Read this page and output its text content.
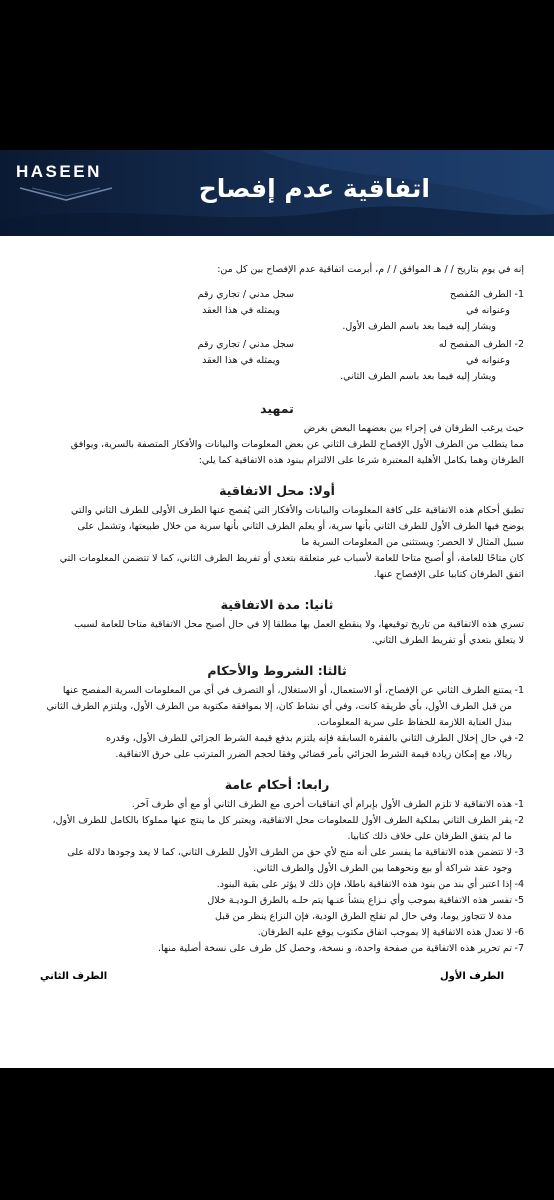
HASEEN
اتفاقية عدم إفصاح
إنه في يوم بتاريخ / / هـ الموافق / / م، أبرمت اتفاقية عدم الإفصاح بين كل من:
1- الطرف المُفصح
سجل مدني / تجاري رقم
وعنوانه في
ويمثله في هذا العقد
ويشار إليه فيما بعد باسم الطرف الأول.
2- الطرف المفصح له
سجل مدني / تجاري رقم
وعنوانه في
ويمثله في هذا العقد
ويشار إليه فيما بعد باسم الطرف الثاني.
تمهيد
حيث يرغب الطرفان في إجراء بين بعضهما البعض بغرض
مما يتطلب من الطرف الأول الإفصاح للطرف الثاني عن بعض المعلومات والبيانات والأفكار المتصفة بالسرية، ويوافق
الطرفان وهما بكامل الأهلية المعتبرة شرعا على الالتزام ببنود هذه الاتفاقية كما يلي:
أولا: محل الاتفاقية
تطبق أحكام هذه الاتفاقية على كافة المعلومات والبيانات والأفكار التي يُفصح عنها الطرف الأولى للطرف الثاني والتي
يوضح فيها الطرف الأول للطرف الثاني بأنها سرية، أو يعلم الطرف الثاني بأنها سرية من خلال طبيعتها، وتشمل على
سبيل المثال لا الحصر: ويستثنى من المعلومات السرية ما
كان متاحًا للعامة، أو أصبح متاحا للعامة لأسباب غير متعلقة بتعدي أو تفريط الطرف الثاني، كما لا تتضمن المعلومات التي
اتفق الطرفان كتابيا على الإفصاح عنها.
ثانيا: مدة الاتفاقية
تسري هذه الاتفاقية من تاريخ توقيعها، ولا ينقطع العمل بها مطلقا إلا في حال أصبح محل الاتفاقية متاحا للعامة لسبب
لا يتعلق بتعدي أو تفريط الطرف الثاني.
ثالثا: الشروط والأحكام
1-
يمتنع الطرف الثاني عن الإفصاح، أو الاستعمال، أو الاستغلال، أو التصرف في أي من المعلومات السرية المفصح عنها
من قبل الطرف الأول، بأي طريقة كانت، وفي أي نشاط كان، إلا بموافقة مكتوبة من الطرف الأول، ويلتزم الطرف الثاني
ببذل العناية اللازمة للحفاظ على سرية المعلومات.
2-
في حال إخلال الطرف الثاني بالفقرة السابقة فإنه يلتزم بدفع قيمة الشرط الجزائي للطرف الأول، وقدره
ريالا، مع إمكان زيادة قيمة الشرط الجزائي بأمر قضائي وفقا لحجم الضرر المترتب على خرق الاتفاقية.
رابعا: أحكام عامة
1-
هذه الاتفاقية لا تلزم الطرف الأول بإبرام أي اتفاقيات أخرى مع الطرف الثاني أو مع أي طرف آخر.
2-
يقر الطرف الثاني بملكية الطرف الأول للمعلومات محل الاتفاقية، ويعتبر كل ما ينتج عنها مملوكا بالكامل للطرف الأول،
ما لم يتفق الطرفان على خلاف ذلك كتابيا.
3-
لا تتضمن هذه الاتفاقية ما يفسر على أنه منح لأي حق من الطرف الأول للطرف الثاني، كما لا يعد وجودها دلالة على
وجود عقد شراكة أو بيع ونحوهما بين الطرف الأول والطرف الثاني.
4-
إذا اعتبر أي بند من بنود هذه الاتفاقية باطلا، فإن ذلك لا يؤثر على بقية البنود.
5-
تفسر هذه الاتفاقية بموجب وأي نـزاع ينشأ عنـها يتم حلـه بالطرق الـوديـة خلال
مدة لا تتجاوز يوما، وفي حال لم تفلح الطرق الودية، فإن النزاع ينظر من قبل
6-
لا تعدل هذه الاتفاقية إلا بموجب اتفاق مكتوب يوقع عليه الطرفان.
7-
تم تحرير هذه الاتفاقية من صفحة واحدة، و نسخة، وحصل كل طرف على نسخة أصلية منها.
الطرف الأول
الطرف الثاني
